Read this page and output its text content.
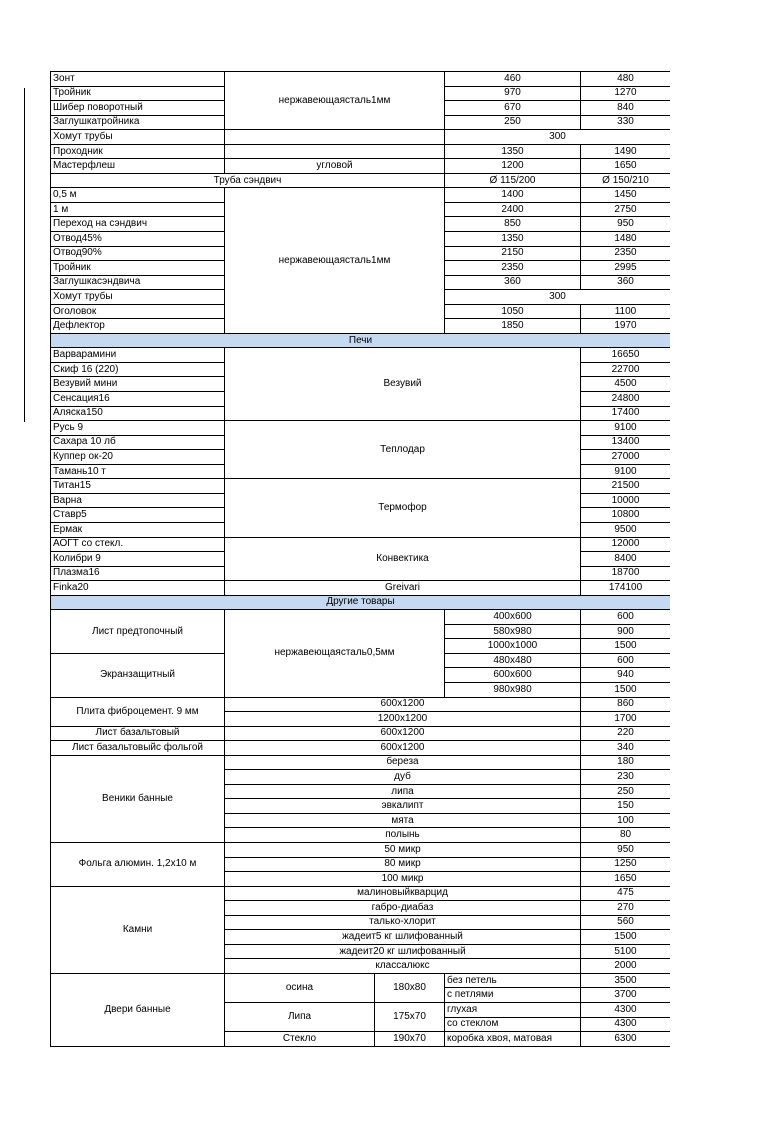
Зонт	нержавеющаясталь1мм		460	480
Тройник			970	1270
Шибер поворотный			670	840
Заглушкатройника			250	330
Хомут трубы			300	
Проходник			1350	1490
Мастерфлеш	угловой		1200	1650
Труба сэндвич			Ø 115/200	Ø 150/210
0,5 м	нержавеющаясталь1мм		1400	1450
1 м			2400	2750
Переход на сэндвич			850	950
Отвод45%			1350	1480
Отвод90%			2150	2350
Тройник			2350	2995
Заглушкасэндвича			360	360
Хомут трубы			300	
Оголовок			1050	1100
Дефлектор			1850	1970
Печи				
Варварамини	Везувий			16650
Скиф 16 (220)				22700
Везувий мини				4500
Сенсация16				24800
Аляска150				17400
Русь 9	Теплодар			9100
Сахара 10 лб				13400
Куппер ок-20				27000
Тамань10 т				9100
Титан15	Термофор			21500
Варна				10000
Ставр5				10800
Ермак				9500
АОГТ со стекл.	Конвектика			12000
Колибри 9				8400
Плазма16				18700
Finka20	Greivari			174100
Другие товары				
Лист предтопочный	нержавеющаясталь0,5мм		400х600	600
			580х980	900
			1000х1000	1500
Экранзащитный			480х480	600
			600х600	940
			980х980	1500
Плита фиброцемент. 9 мм	600х1200			860
	1200х1200			1700
Лист базальтовый	600х1200			220
Лист базальтовыйс фольгой	600х1200			340
Веники банные	береза			180
	дуб			230
	липа			250
	эвкалипт			150
	мята			100
	полынь			80
Фольга алюмин. 1,2х10 м	50 микр			950
	80 микр			1250
	100 микр			1650
Камни	малиновыйкварцид			475
	габро-диабаз			270
	талько-хлорит			560
	жадеит5 кг шлифованный			1500
	жадеит20 кг шлифованный			5100
	классалюкс			2000
Двери банные	осина	180х80	без петель	3500
			с петлями	3700
	Липа	175х70	глухая	4300
			со стеклом	4300
	Стекло	190х70	коробка хвоя, матовая	6300
